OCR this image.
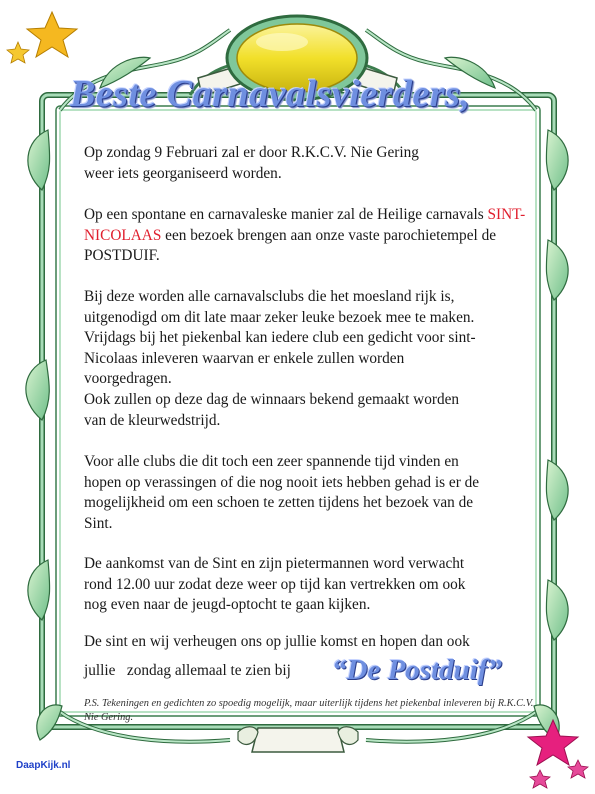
Beste Carnavalsvierders,
Op zondag 9 Februari zal er door R.K.C.V. Nie Gering
weer iets georganiseerd worden.
Op een spontane en carnavaleske manier zal de Heilige carnavals SINT-NICOLAAS een bezoek brengen aan onze vaste parochietempel de POSTDUIF.
Bij deze worden alle carnavalsclubs die het moesland rijk is,
uitgenodigd om dit late maar zeker leuke bezoek mee te maken.
Vrijdags bij het piekenbal kan iedere club een gedicht voor sint-
Nicolaas inleveren waarvan er enkele zullen worden
voorgedragen.
Ook zullen op deze dag de winnaars bekend gemaakt worden
van de kleurwedstrijd.
Voor alle clubs die dit toch een zeer spannende tijd vinden en
hopen op verassingen of die nog nooit iets hebben gehad is er de
mogelijkheid om een schoen te zetten tijdens het bezoek van de
Sint.
De aankomst van de Sint en zijn pietermannen word verwacht
rond 12.00 uur zodat deze weer op tijd kan vertrekken om ook
nog even naar de jeugd-optocht te gaan kijken.
De sint en wij verheugen ons op jullie komst en hopen dan ook
jullie   zondag allemaal te zien bij	“De Postduif”
P.S. Tekeningen en gedichten zo spoedig mogelijk, maar uiterlijk tijdens het piekenbal inleveren bij R.K.C.V. Nie Gering.
DaapKijk.nl
